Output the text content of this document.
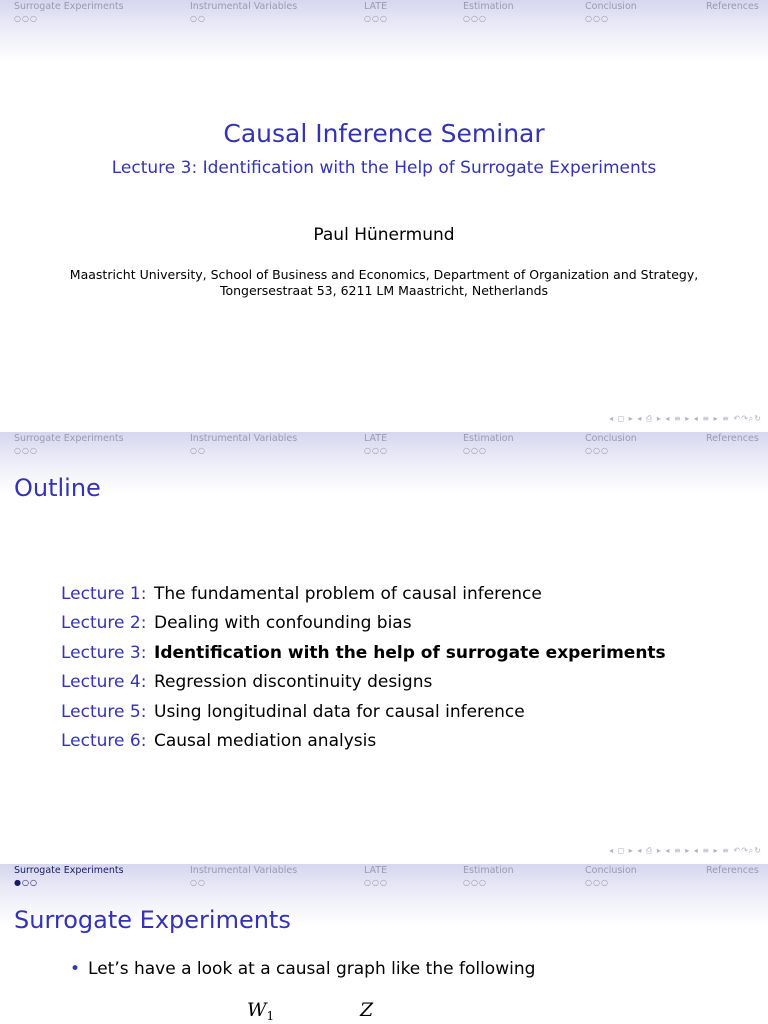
Surrogate Experiments
○○○
Instrumental Variables
○○
LATE
○○○
Estimation
○○○
Conclusion
○○○
References
Causal Inference Seminar
Lecture 3: Identification with the Help of Surrogate Experiments
Paul Hünermund
Maastricht University, School of Business and Economics, Department of Organization and Strategy,
Tongersestraat 53, 6211 LM Maastricht, Netherlands
◂ ◻ ▸ ◂ ⎙ ▸ ◂ ≡ ▸ ◂ ≡ ▸ ≡ ↶↷⌕↻
Surrogate Experiments
○○○
Instrumental Variables
○○
LATE
○○○
Estimation
○○○
Conclusion
○○○
References
Outline
Lecture 1: The fundamental problem of causal inference
Lecture 2: Dealing with confounding bias
Lecture 3: Identification with the help of surrogate experiments
Lecture 4: Regression discontinuity designs
Lecture 5: Using longitudinal data for causal inference
Lecture 6: Causal mediation analysis
◂ ◻ ▸ ◂ ⎙ ▸ ◂ ≡ ▸ ◂ ≡ ▸ ≡ ↶↷⌕↻
Surrogate Experiments
●○○
Instrumental Variables
○○
LATE
○○○
Estimation
○○○
Conclusion
○○○
References
Surrogate Experiments
• Let’s have a look at a causal graph like the following
$W_1$	Z
